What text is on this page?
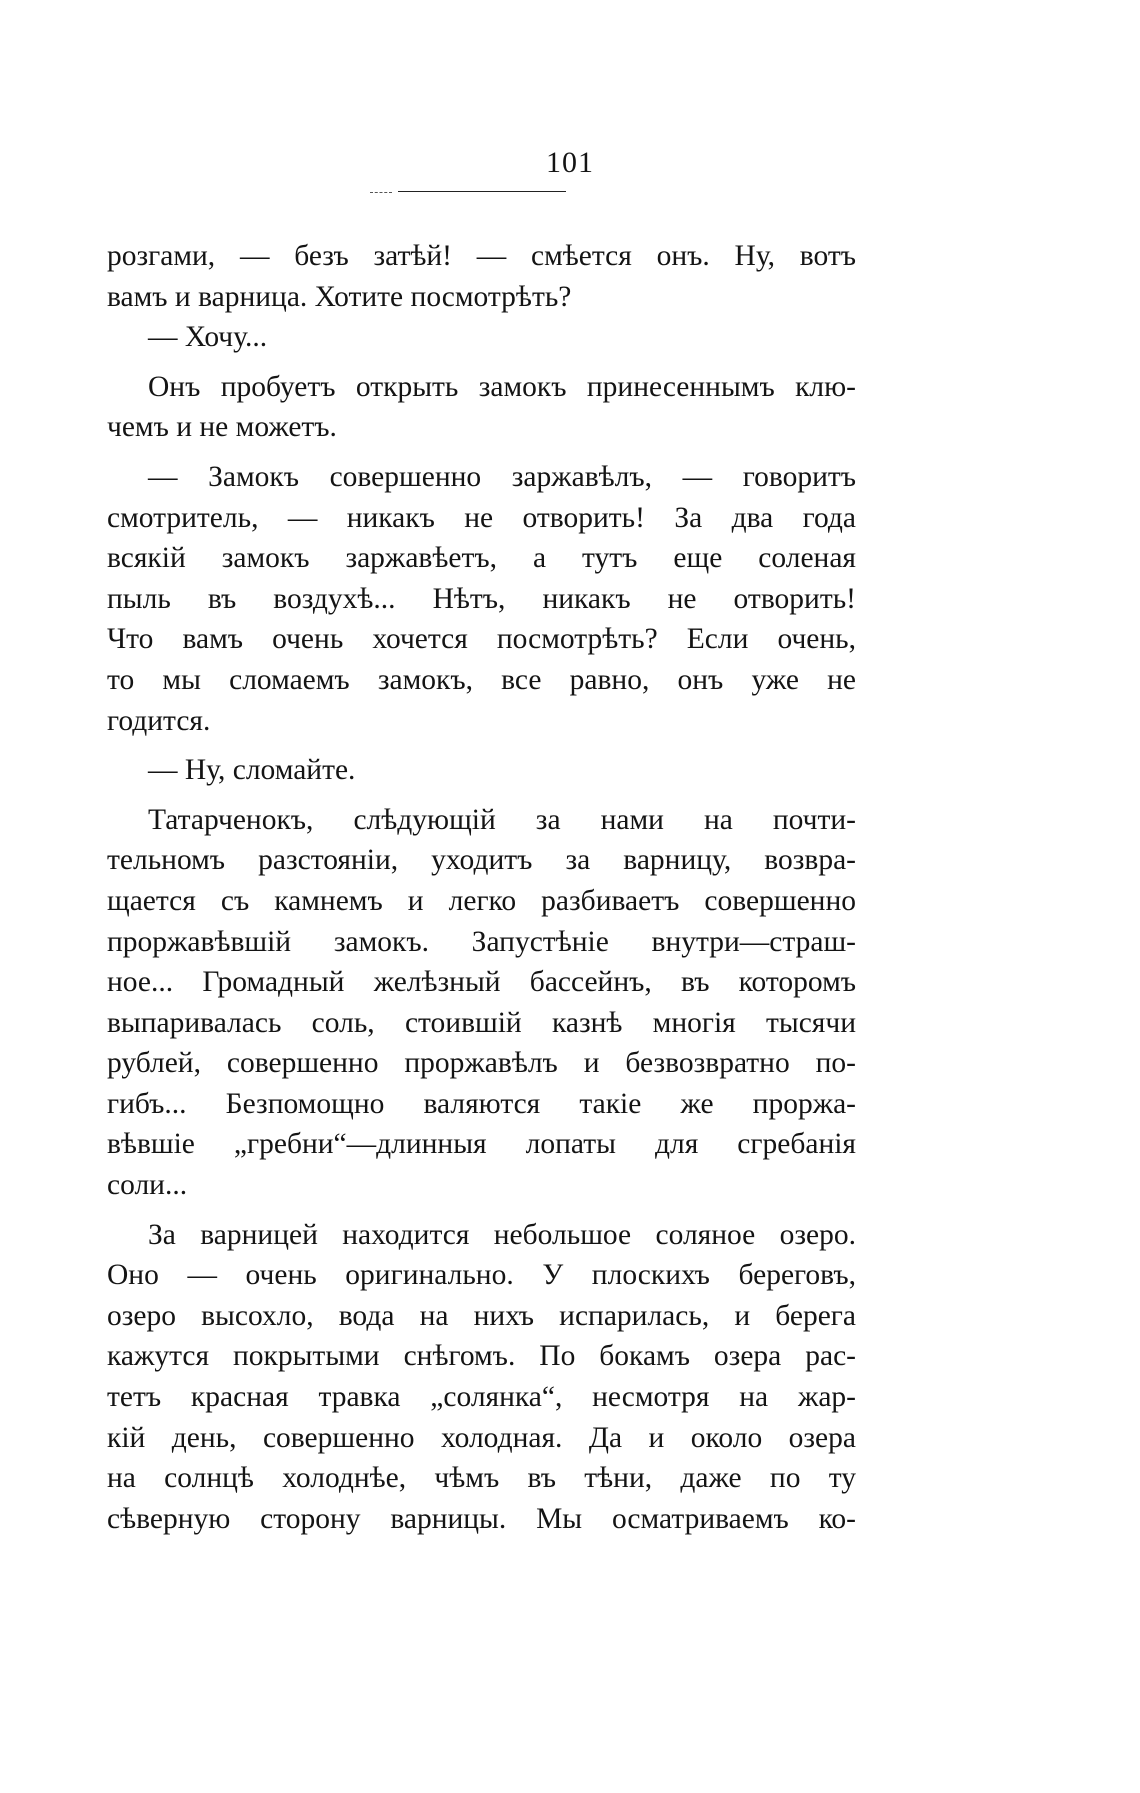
101
розгами, — безъ затѣй! — смѣется онъ. Ну, вотъ
вамъ и варница. Хотите посмотрѣть?
— Хочу...
Онъ пробуетъ открыть замокъ принесеннымъ клю-
чемъ и не можетъ.
— Замокъ совершенно заржавѣлъ, — говоритъ
смотритель, — никакъ не отворить! За два года
всякій замокъ заржавѣетъ, а тутъ еще соленая
пыль въ воздухѣ... Нѣтъ, никакъ не отворить!
Что вамъ очень хочется посмотрѣть? Если очень,
то мы сломаемъ замокъ, все равно, онъ уже не
годится.
— Ну, сломайте.
Татарченокъ, слѣдующій за нами на почти-
тельномъ разстояніи, уходитъ за варницу, возвра-
щается съ камнемъ и легко разбиваетъ совершенно
проржавѣвшій замокъ. Запустѣніе внутри—страш-
ное... Громадный желѣзный бассейнъ, въ которомъ
выпаривалась соль, стоившій казнѣ многія тысячи
рублей, совершенно проржавѣлъ и безвозвратно по-
гибъ... Безпомощно валяются такіе же проржа-
вѣвшіе „гребни“—длинныя лопаты для сгребанія
соли...
За варницей находится небольшое соляное озеро.
Оно — очень оригинально. У плоскихъ береговъ,
озеро высохло, вода на нихъ испарилась, и берега
кажутся покрытыми снѣгомъ. По бокамъ озера рас-
тетъ красная травка „солянка“, несмотря на жар-
кій день, совершенно холодная. Да и около озера
на солнцѣ холоднѣе, чѣмъ въ тѣни, даже по ту
сѣверную сторону варницы. Мы осматриваемъ ко-
